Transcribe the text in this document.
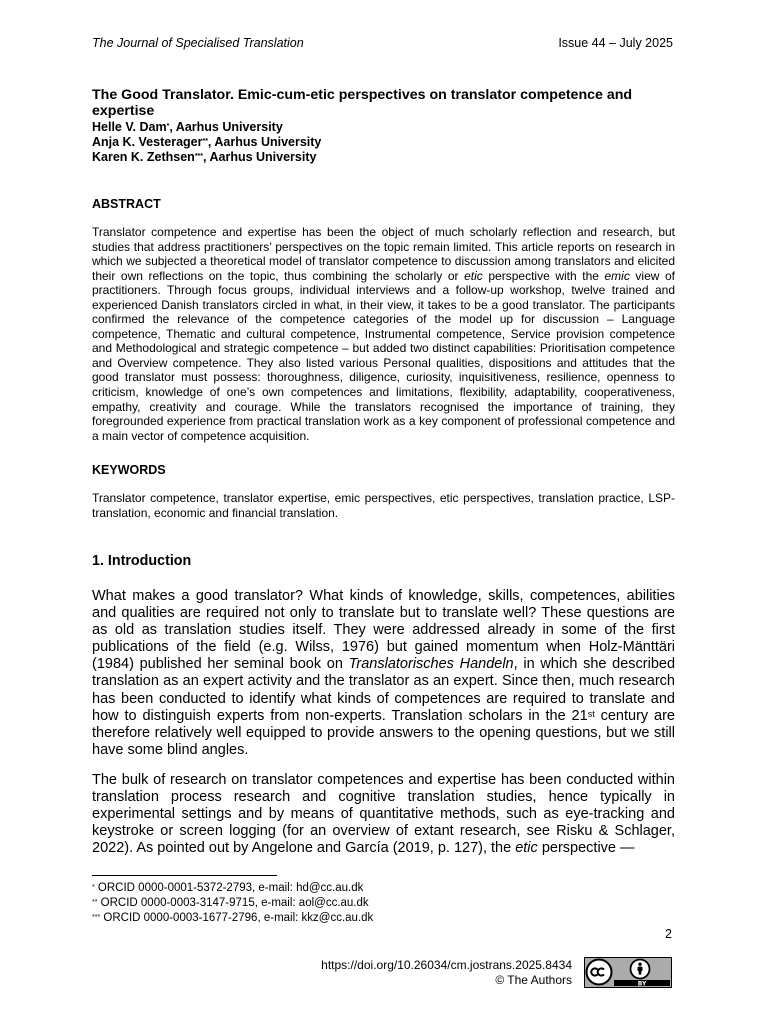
The Journal of Specialised Translation	Issue 44 – July 2025
The Good Translator. Emic-cum-etic perspectives on translator competence and expertise
Helle V. Dam*, Aarhus University
Anja K. Vesterager**, Aarhus University
Karen K. Zethsen***, Aarhus University
ABSTRACT
Translator competence and expertise has been the object of much scholarly reflection and research, but studies that address practitioners’ perspectives on the topic remain limited. This article reports on research in which we subjected a theoretical model of translator competence to discussion among translators and elicited their own reflections on the topic, thus combining the scholarly or etic perspective with the emic view of practitioners. Through focus groups, individual interviews and a follow-up workshop, twelve trained and experienced Danish translators circled in what, in their view, it takes to be a good translator. The participants confirmed the relevance of the competence categories of the model up for discussion – Language competence, Thematic and cultural competence, Instrumental competence, Service provision competence and Methodological and strategic competence – but added two distinct capabilities: Prioritisation competence and Overview competence. They also listed various Personal qualities, dispositions and attitudes that the good translator must possess: thoroughness, diligence, curiosity, inquisitiveness, resilience, openness to criticism, knowledge of one’s own competences and limitations, flexibility, adaptability, cooperativeness, empathy, creativity and courage. While the translators recognised the importance of training, they foregrounded experience from practical translation work as a key component of professional competence and a main vector of competence acquisition.
KEYWORDS
Translator competence, translator expertise, emic perspectives, etic perspectives, translation practice, LSP-translation, economic and financial translation.
1. Introduction
What makes a good translator? What kinds of knowledge, skills, competences, abilities and qualities are required not only to translate but to translate well? These questions are as old as translation studies itself. They were addressed already in some of the first publications of the field (e.g. Wilss, 1976) but gained momentum when Holz-Mänttäri (1984) published her seminal book on Translatorisches Handeln, in which she described translation as an expert activity and the translator as an expert. Since then, much research has been conducted to identify what kinds of competences are required to translate and how to distinguish experts from non-experts. Translation scholars in the 21st century are therefore relatively well equipped to provide answers to the opening questions, but we still have some blind angles.
The bulk of research on translator competences and expertise has been conducted within translation process research and cognitive translation studies, hence typically in experimental settings and by means of quantitative methods, such as eye-tracking and keystroke or screen logging (for an overview of extant research, see Risku & Schlager, 2022). As pointed out by Angelone and García (2019, p. 127), the etic perspective —
* ORCID 0000-0001-5372-2793, e-mail: hd@cc.au.dk
** ORCID 0000-0003-3147-9715, e-mail: aol@cc.au.dk
*** ORCID 0000-0003-1677-2796, e-mail: kkz@cc.au.dk
2
https://doi.org/10.26034/cm.jostrans.2025.8434
© The Authors	BY
